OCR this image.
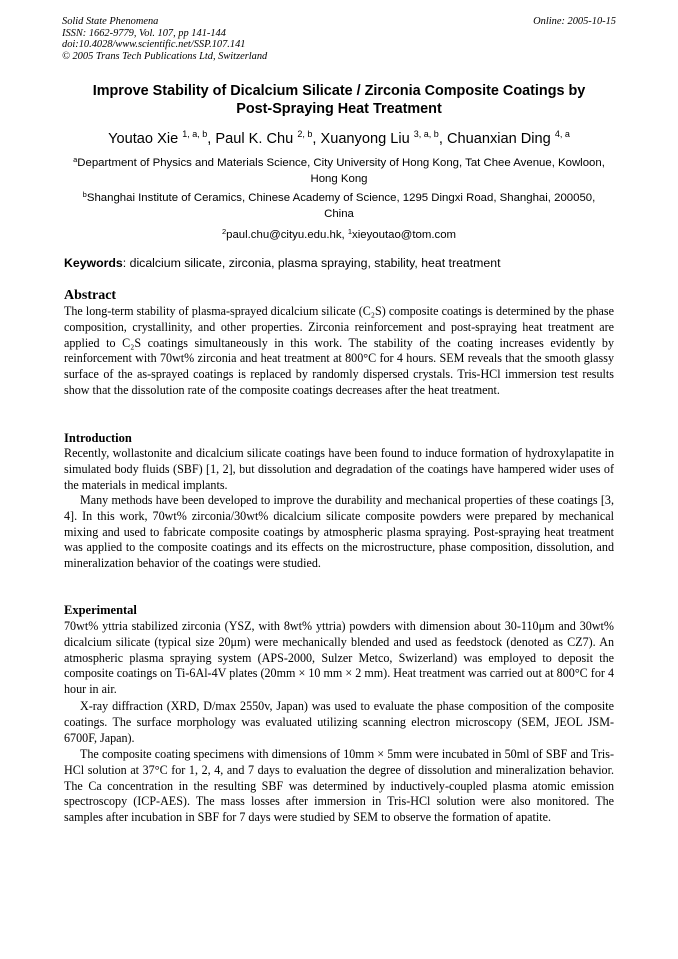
Solid State Phenomena	Online: 2005-10-15
ISSN: 1662-9779, Vol. 107, pp 141-144
doi:10.4028/www.scientific.net/SSP.107.141
© 2005 Trans Tech Publications Ltd, Switzerland
Improve Stability of Dicalcium Silicate / Zirconia Composite Coatings by
Post-Spraying Heat Treatment
Youtao Xie $^{1, a, b}$, Paul K. Chu $^{2, b}$, Xuanyong Liu $^{3, a, b}$, Chuanxian Ding $^{4, a}$
$^a$Department of Physics and Materials Science, City University of Hong Kong, Tat Chee Avenue, Kowloon,
Hong Kong
$^b$Shanghai Institute of Ceramics, Chinese Academy of Science, 1295 Dingxi Road, Shanghai, 200050,
China
$^2$paul.chu@cityu.edu.hk, $^1$xieyoutao@tom.com
Keywords: dicalcium silicate, zirconia, plasma spraying, stability, heat treatment
Abstract
The long-term stability of plasma-sprayed dicalcium silicate (C₂S) composite coatings is determined by the phase composition, crystallinity, and other properties. Zirconia reinforcement and post-spraying heat treatment are applied to C₂S coatings simultaneously in this work. The stability of the coating increases evidently by reinforcement with 70wt% zirconia and heat treatment at 800°C for 4 hours. SEM reveals that the smooth glassy surface of the as-sprayed coatings is replaced by randomly dispersed crystals. Tris-HCl immersion test results show that the dissolution rate of the composite coatings decreases after the heat treatment.
Introduction
Recently, wollastonite and dicalcium silicate coatings have been found to induce formation of hydroxylapatite in simulated body fluids (SBF) [1, 2], but dissolution and degradation of the coatings have hampered wider uses of the materials in medical implants.
Many methods have been developed to improve the durability and mechanical properties of these coatings [3, 4]. In this work, 70wt% zirconia/30wt% dicalcium silicate composite powders were prepared by mechanical mixing and used to fabricate composite coatings by atmospheric plasma spraying. Post-spraying heat treatment was applied to the composite coatings and its effects on the microstructure, phase composition, dissolution, and mineralization behavior of the coatings were studied.
Experimental
70wt% yttria stabilized zirconia (YSZ, with 8wt% yttria) powders with dimension about 30-110μm and 30wt% dicalcium silicate (typical size 20μm) were mechanically blended and used as feedstock (denoted as CZ7). An atmospheric plasma spraying system (APS-2000, Sulzer Metco, Swizerland) was employed to deposit the composite coatings on Ti-6Al-4V plates (20mm × 10 mm × 2 mm). Heat treatment was carried out at 800°C for 4 hour in air.
X-ray diffraction (XRD, D/max 2550v, Japan) was used to evaluate the phase composition of the composite coatings. The surface morphology was evaluated utilizing scanning electron microscopy (SEM, JEOL JSM-6700F, Japan).
The composite coating specimens with dimensions of 10mm × 5mm were incubated in 50ml of SBF and Tris-HCl solution at 37°C for 1, 2, 4, and 7 days to evaluation the degree of dissolution and mineralization behavior. The Ca concentration in the resulting SBF was determined by inductively-coupled plasma atomic emission spectroscopy (ICP-AES). The mass losses after immersion in Tris-HCl solution were also monitored. The samples after incubation in SBF for 7 days were studied by SEM to observe the formation of apatite.
